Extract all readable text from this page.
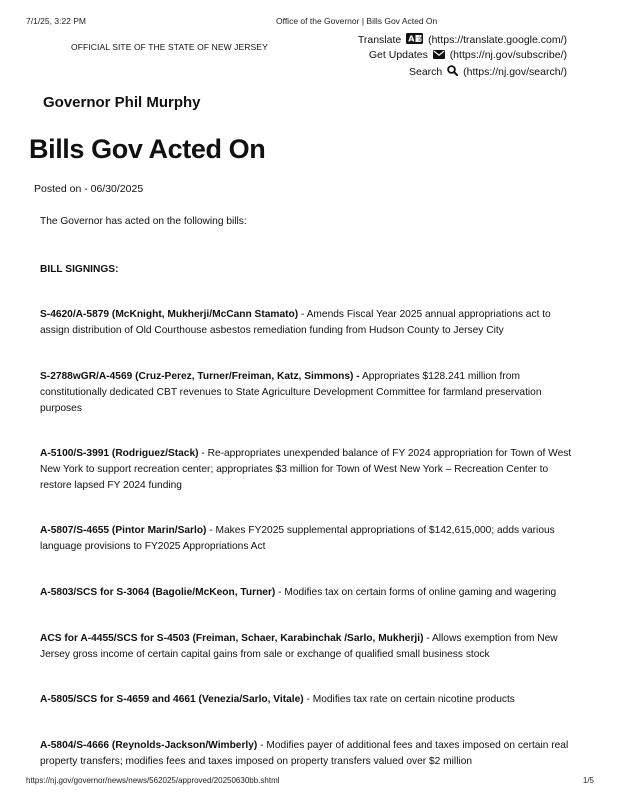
7/1/25, 3:22 PM	Office of the Governor | Bills Gov Acted On
OFFICIAL SITE OF THE STATE OF NEW JERSEY
Translate A 文 (https://translate.google.com/)
Get Updates (https://nj.gov/subscribe/)
Search (https://nj.gov/search/)
Governor Phil Murphy
Bills Gov Acted On
Posted on - 06/30/2025
The Governor has acted on the following bills:
BILL SIGNINGS:
S-4620/A-5879 (McKnight, Mukherji/McCann Stamato) - Amends Fiscal Year 2025 annual appropriations act to assign distribution of Old Courthouse asbestos remediation funding from Hudson County to Jersey City
S-2788wGR/A-4569 (Cruz-Perez, Turner/Freiman, Katz, Simmons) - Appropriates $128.241 million from constitutionally dedicated CBT revenues to State Agriculture Development Committee for farmland preservation purposes
A-5100/S-3991 (Rodriguez/Stack) - Re-appropriates unexpended balance of FY 2024 appropriation for Town of West New York to support recreation center; appropriates $3 million for Town of West New York – Recreation Center to restore lapsed FY 2024 funding
A-5807/S-4655 (Pintor Marin/Sarlo) - Makes FY2025 supplemental appropriations of $142,615,000; adds various language provisions to FY2025 Appropriations Act
A-5803/SCS for S-3064 (Bagolie/McKeon, Turner) - Modifies tax on certain forms of online gaming and wagering
ACS for A-4455/SCS for S-4503 (Freiman, Schaer, Karabinchak /Sarlo, Mukherji) - Allows exemption from New Jersey gross income of certain capital gains from sale or exchange of qualified small business stock
A-5805/SCS for S-4659 and 4661 (Venezia/Sarlo, Vitale) - Modifies tax rate on certain nicotine products
A-5804/S-4666 (Reynolds-Jackson/Wimberly) - Modifies payer of additional fees and taxes imposed on certain real property transfers; modifies fees and taxes imposed on property transfers valued over $2 million
https://nj.gov/governor/news/news/562025/approved/20250630bb.shtml	1/5
